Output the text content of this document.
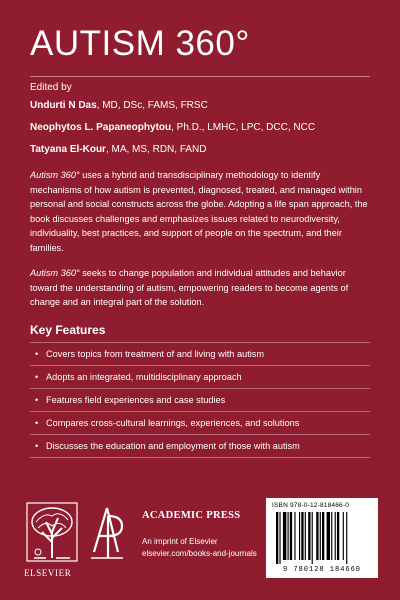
AUTISM 360°
Edited by
Undurti N Das, MD, DSc, FAMS, FRSC
Neophytos L. Papaneophytou, Ph.D., LMHC, LPC, DCC, NCC
Tatyana El-Kour, MA, MS, RDN, FAND

Autism 360° uses a hybrid and transdisciplinary methodology to identify mechanisms of how autism is prevented, diagnosed, treated, and managed within personal and social constructs across the globe. Adopting a life span approach, the book discusses challenges and emphasizes issues related to neurodiversity, individuality, best practices, and support of people on the spectrum, and their families.

Autism 360° seeks to change population and individual attitudes and behavior toward the understanding of autism, empowering readers to become agents of change and an integral part of the solution.

Key Features
• Covers topics from treatment of and living with autism
• Adopts an integrated, multidisciplinary approach
• Features field experiences and case studies
• Compares cross-cultural learnings, experiences, and solutions
• Discusses the education and employment of those with autism
ELSEVIER
ACADEMIC PRESS
An imprint of Elsevier
elsevier.com/books-and-journals
ISBN 978-0-12-818466-0
9 780128 184660
